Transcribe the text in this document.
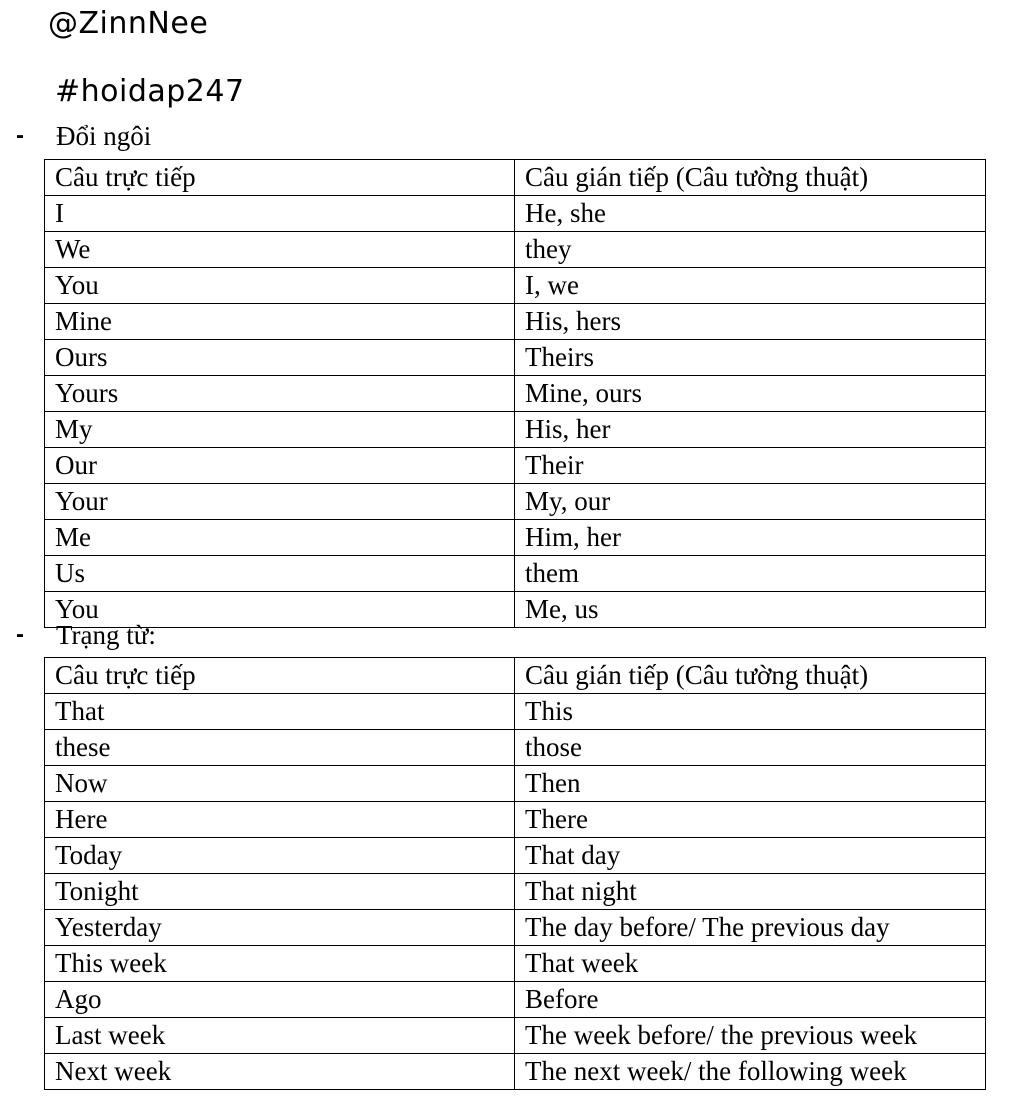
@ZinnNee
#hoidap247
- Đổi ngôi
Câu trực tiếp	Câu gián tiếp (Câu tường thuật)
I	He, she
We	they
You	I, we
Mine	His, hers
Ours	Theirs
Yours	Mine, ours
My	His, her
Our	Their
Your	My, our
Me	Him, her
Us	them
You	Me, us
- Trạng từ:
Câu trực tiếp	Câu gián tiếp (Câu tường thuật)
That	This
these	those
Now	Then
Here	There
Today	That day
Tonight	That night
Yesterday	The day before/ The previous day
This week	That week
Ago	Before
Last week	The week before/ the previous week
Next week	The next week/ the following week
